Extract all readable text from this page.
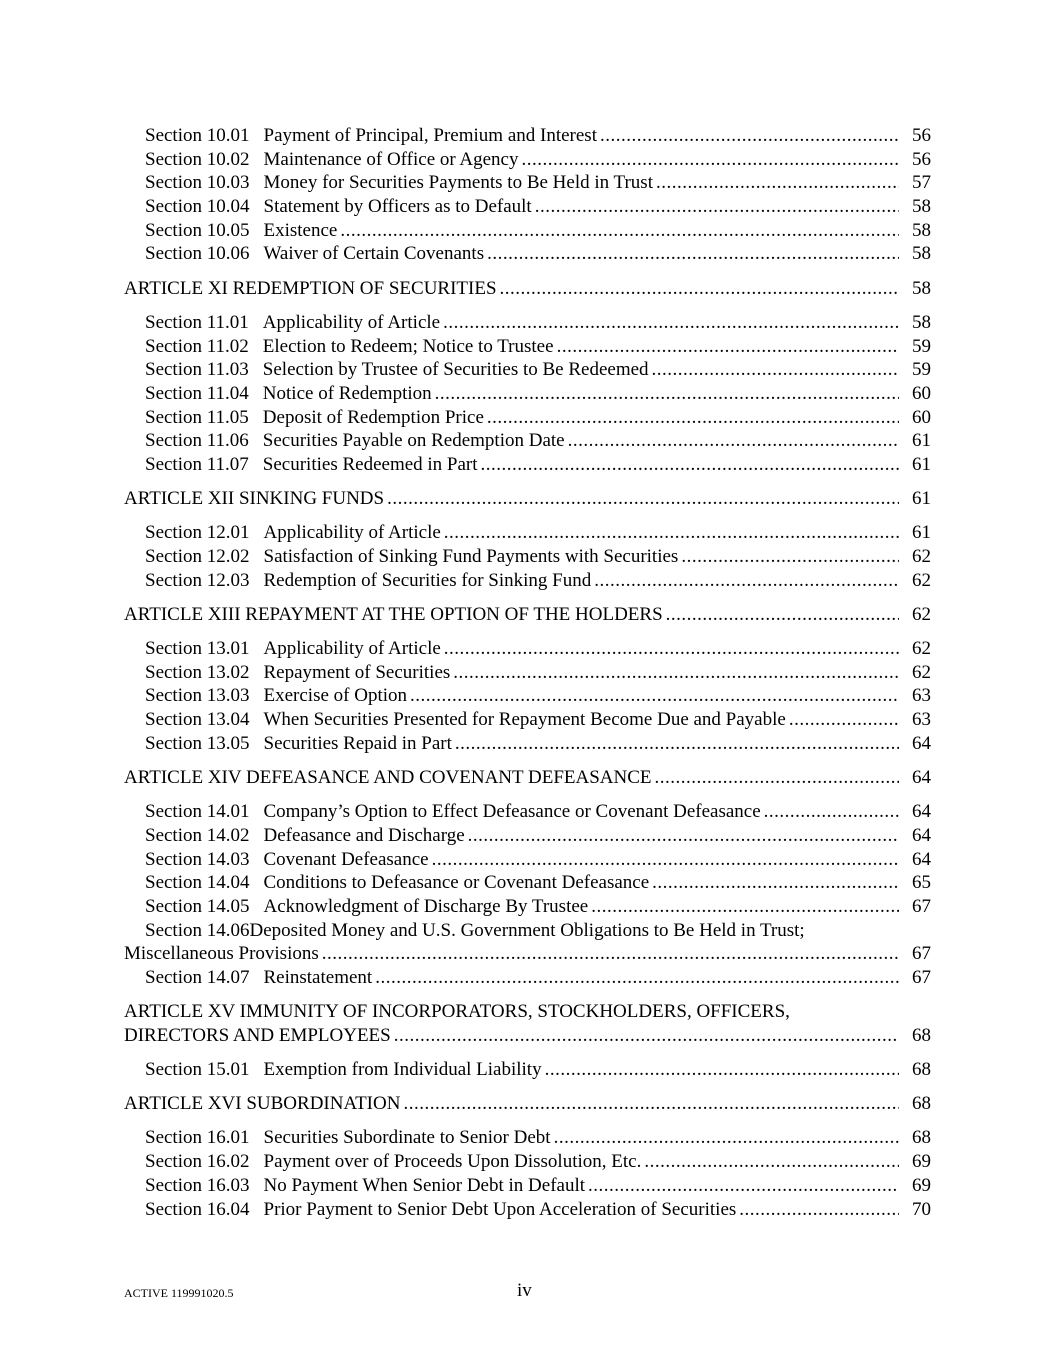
Section 10.01 Payment of Principal, Premium and Interest .....	56
Section 10.02 Maintenance of Office or Agency .....	56
Section 10.03 Money for Securities Payments to Be Held in Trust .....	57
Section 10.04 Statement by Officers as to Default .....	58
Section 10.05 Existence .....	58
Section 10.06 Waiver of Certain Covenants .....	58
ARTICLE XI REDEMPTION OF SECURITIES .....	58
Section 11.01 Applicability of Article .....	58
Section 11.02 Election to Redeem; Notice to Trustee .....	59
Section 11.03 Selection by Trustee of Securities to Be Redeemed .....	59
Section 11.04 Notice of Redemption .....	60
Section 11.05 Deposit of Redemption Price .....	60
Section 11.06 Securities Payable on Redemption Date .....	61
Section 11.07 Securities Redeemed in Part .....	61
ARTICLE XII SINKING FUNDS .....	61
Section 12.01 Applicability of Article .....	61
Section 12.02 Satisfaction of Sinking Fund Payments with Securities .....	62
Section 12.03 Redemption of Securities for Sinking Fund .....	62
ARTICLE XIII REPAYMENT AT THE OPTION OF THE HOLDERS .....	62
Section 13.01 Applicability of Article .....	62
Section 13.02 Repayment of Securities .....	62
Section 13.03 Exercise of Option .....	63
Section 13.04 When Securities Presented for Repayment Become Due and Payable .....	63
Section 13.05 Securities Repaid in Part .....	64
ARTICLE XIV DEFEASANCE AND COVENANT DEFEASANCE .....	64
Section 14.01 Company’s Option to Effect Defeasance or Covenant Defeasance .....	64
Section 14.02 Defeasance and Discharge .....	64
Section 14.03 Covenant Defeasance .....	64
Section 14.04 Conditions to Defeasance or Covenant Defeasance .....	65
Section 14.05 Acknowledgment of Discharge By Trustee .....	67
Section 14.06Deposited Money and U.S. Government Obligations to Be Held in Trust;
Miscellaneous Provisions .....	67
Section 14.07 Reinstatement .....	67
ARTICLE XV IMMUNITY OF INCORPORATORS, STOCKHOLDERS, OFFICERS,
DIRECTORS AND EMPLOYEES .....	68
Section 15.01 Exemption from Individual Liability .....	68
ARTICLE XVI SUBORDINATION .....	68
Section 16.01 Securities Subordinate to Senior Debt .....	68
Section 16.02 Payment over of Proceeds Upon Dissolution, Etc. .....	69
Section 16.03 No Payment When Senior Debt in Default .....	69
Section 16.04 Prior Payment to Senior Debt Upon Acceleration of Securities .....	70
ACTIVE 119991020.5	iv
